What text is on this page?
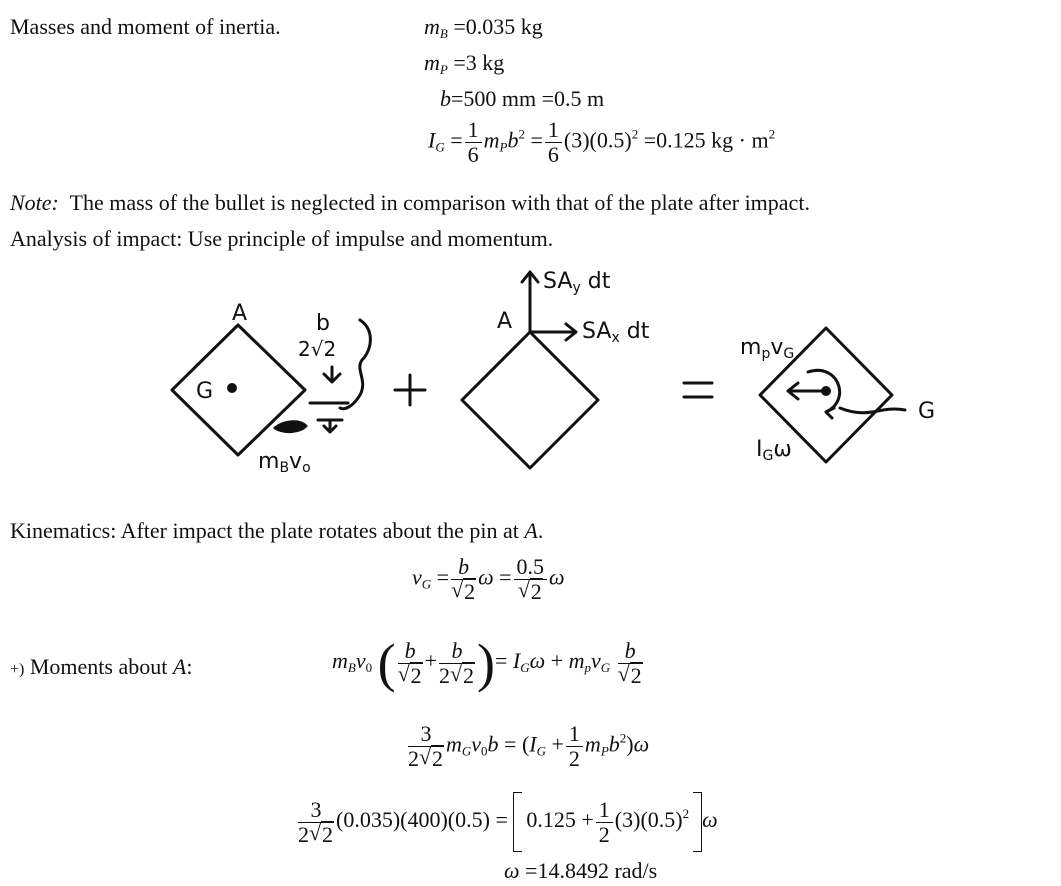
Masses and moment of inertia.	$m_B =0.035$ kg
$m_P =3$ kg
b=500 mm =0.5 m
$I_G = \frac{1}{6} m_Pb^2 = \frac{1}{6} (3)(0.5)^2 =0.125$ kg · $m^2$
Note: The mass of the bullet is neglected in comparison with that of the plate after impact.
Analysis of impact: Use principle of impulse and momentum.
A
G
b
2√2
mBvo
A
SAy dt
SAx dt
mpvG
G
IGω
Kinematics: After impact the plate rotates about the pin at A.
$v_G = b$
√ 2 ω = 0.5
√ 2 ω
+) Moments about A:	$m_Bv_0$ ( b
√ $2 + \frac{b}{2 √ 2}$ )= $I_G\omega + m_pv_G$ b
√ 2
$\frac{3}{2 √ 2} m_Gv_0b = (I_G + \frac{1}{2} m_Pb^2)\omega$
$\frac{3}{2 √ 2} (0.035)(400)(0.5) = 0.125 + \frac{1}{2} (3)(0.5)^2$ ω
ω =14.8492 rad/s
